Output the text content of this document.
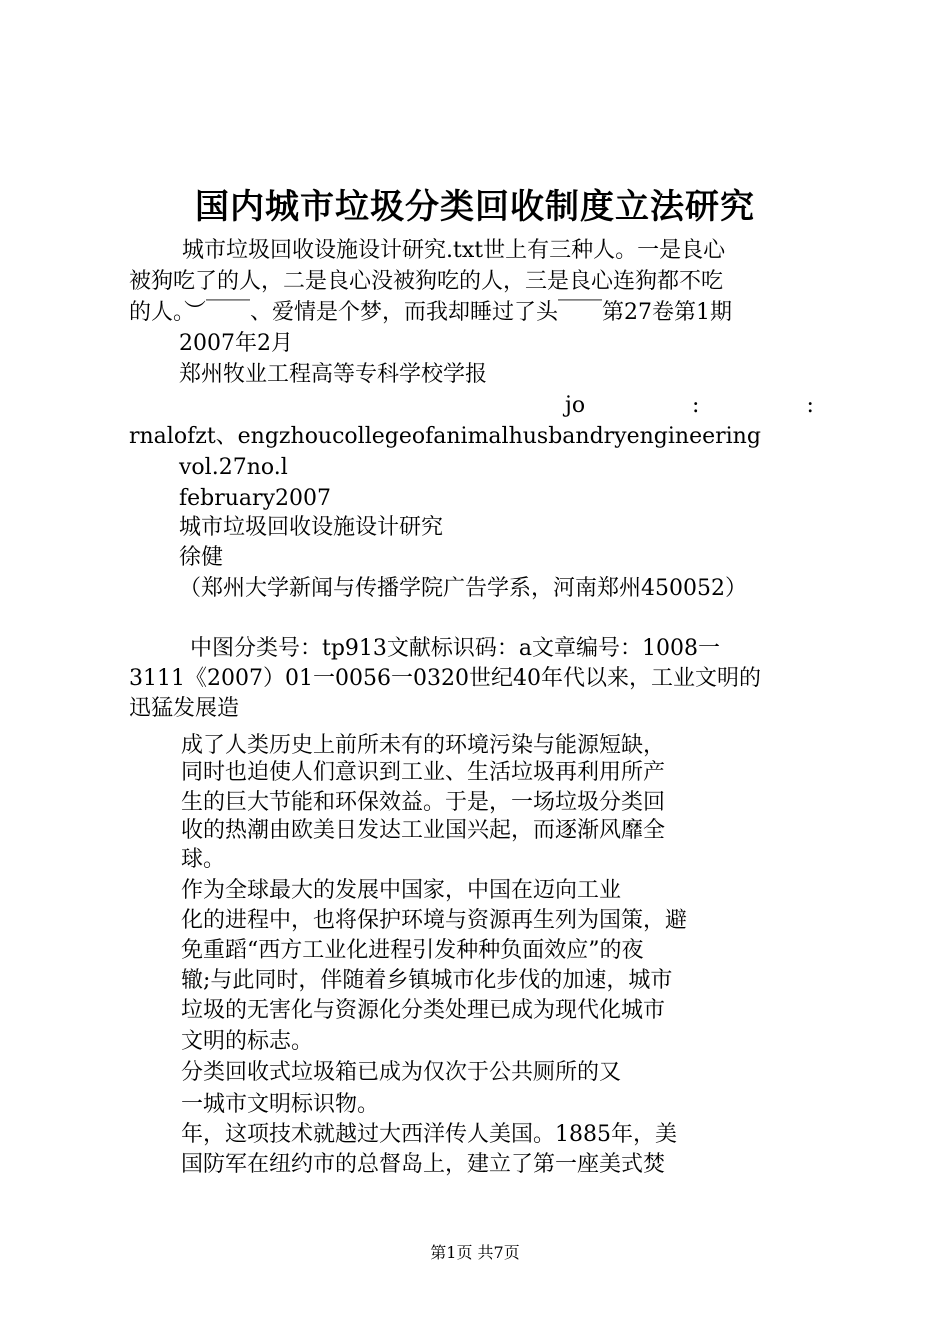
国内城市垃圾分类回收制度立法研究

城市垃圾回收设施设计研究.txt世上有三种人。一是良心

被狗吃了的人，二是良心没被狗吃的人，三是良心连狗都不吃

的人。︶￣￣、爱情是个梦，而我却睡过了头￣￣第27卷第1期

2007年2月

郑州牧业工程高等专科学校学报

jo : :

rnalofzt、engzhoucollegeofanimalhusbandryengineering

vol.27no.l

february2007

城市垃圾回收设施设计研究

徐健

（郑州大学新闻与传播学院广告学系，河南郑州450052）

中图分类号：tp913文献标识码：a文章编号：1008一

3111《2007）01一0056一0320世纪40年代以来，工业文明的

迅猛发展造

成了人类历史上前所未有的环境污染与能源短缺，

同时也迫使人们意识到工业、生活垃圾再利用所产

生的巨大节能和环保效益。于是，一场垃圾分类回

收的热潮由欧美日发达工业国兴起，而逐渐风靡全

球。

作为全球最大的发展中国家，中国在迈向工业

化的进程中，也将保护环境与资源再生列为国策，避

免重蹈“西方工业化进程引发种种负面效应”的夜

辙;与此同时，伴随着乡镇城市化步伐的加速，城市

垃圾的无害化与资源化分类处理已成为现代化城市

文明的标志。

分类回收式垃圾箱已成为仅次于公共厕所的又

一城市文明标识物。

年，这项技术就越过大西洋传人美国。1885年，美

国防军在纽约市的总督岛上，建立了第一座美式焚

第1页 共7页
